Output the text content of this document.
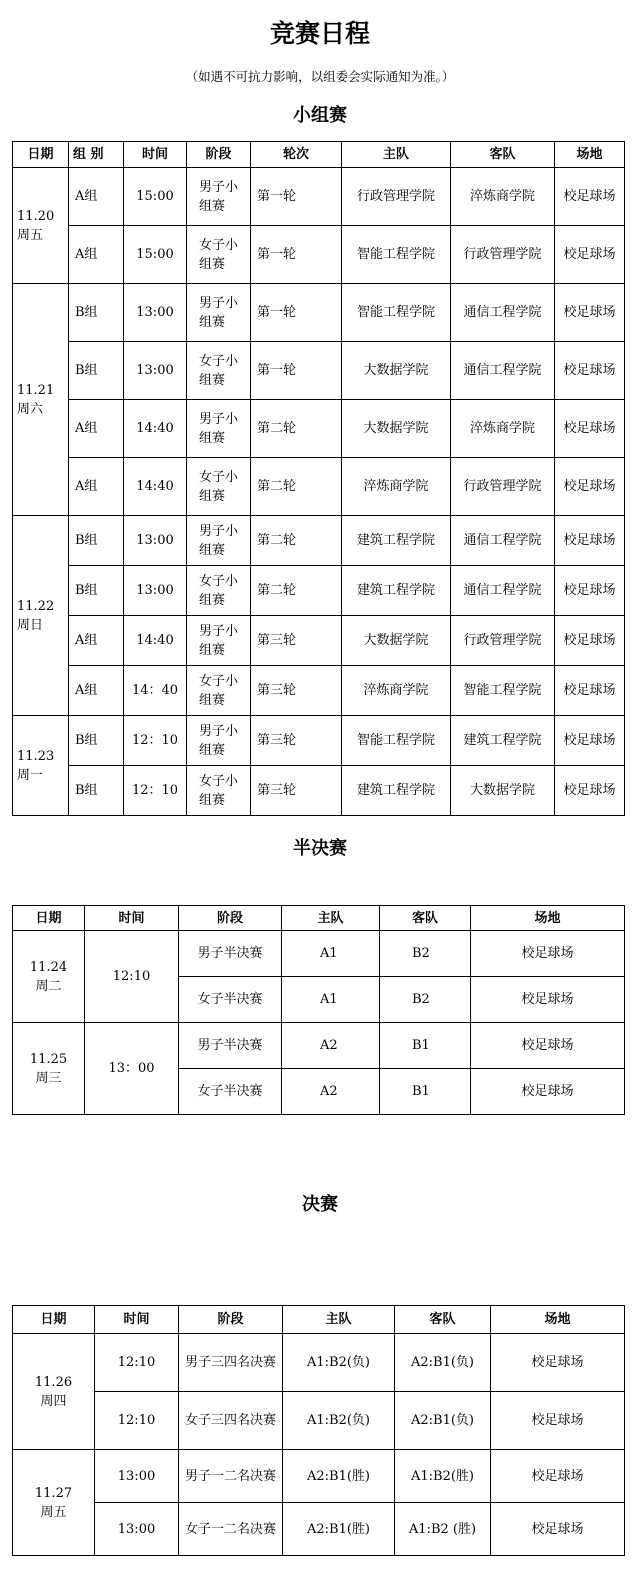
竞赛日程
（如遇不可抗力影响，以组委会实际通知为准。）
小组赛
日期	组 别	时间	阶段	轮次	主队	客队	场地

11.20
周五	A组	15:00	男子小组赛	第一轮	行政管理学院	淬炼商学院	校足球场
	A组	15:00	女子小组赛	第一轮	智能工程学院	行政管理学院	校足球场

11.21
周六	B组	13:00	男子小组赛	第一轮	智能工程学院	通信工程学院	校足球场
	B组	13:00	女子小组赛	第一轮	大数据学院	通信工程学院	校足球场
	A组	14:40	男子小组赛	第二轮	大数据学院	淬炼商学院	校足球场
	A组	14:40	女子小组赛	第二轮	淬炼商学院	行政管理学院	校足球场

11.22
周日	B组	13:00	男子小组赛	第二轮	建筑工程学院	通信工程学院	校足球场
	B组	13:00	女子小组赛	第二轮	建筑工程学院	通信工程学院	校足球场
	A组	14:40	男子小组赛	第三轮	大数据学院	行政管理学院	校足球场
	A组	14：40	女子小组赛	第三轮	淬炼商学院	智能工程学院	校足球场

11.23
周一	B组	12：10	男子小组赛	第三轮	智能工程学院	建筑工程学院	校足球场
	B组	12：10	女子小组赛	第三轮	建筑工程学院	大数据学院	校足球场
半决赛
日期	时间	阶段	主队	客队	场地

11.24
周二	12:10	男子半决赛	A1	B2	校足球场
		女子半决赛	A1	B2	校足球场

11.25
周三	13：00	男子半决赛	A2	B1	校足球场
		女子半决赛	A2	B1	校足球场
决赛
日期	时间	阶段	主队	客队	场地

11.26
周四	12:10	男子三四名决赛	A1:B2(负)	A2:B1(负)	校足球场
	12:10	女子三四名决赛	A1:B2(负)	A2:B1(负)	校足球场

11.27
周五	13:00	男子一二名决赛	A2:B1(胜)	A1:B2(胜)	校足球场
	13:00	女子一二名决赛	A2:B1(胜)	A1:B2 (胜)	校足球场
